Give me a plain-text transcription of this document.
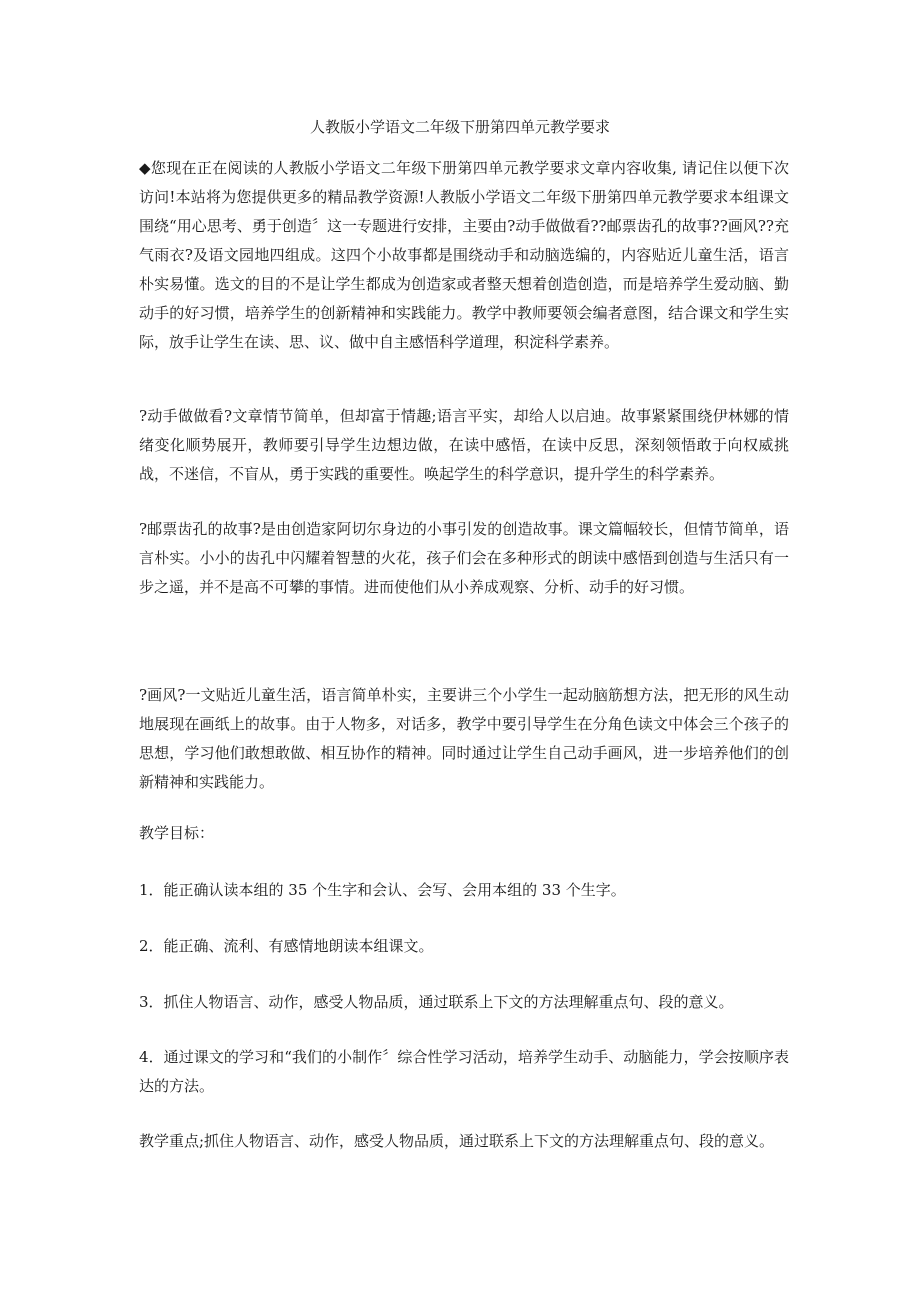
人教版小学语文二年级下册第四单元教学要求

◆您现在正在阅读的人教版小学语文二年级下册第四单元教学要求文章内容收集, 请记住以便下次访问!本站将为您提供更多的精品教学资源!人教版小学语文二年级下册第四单元教学要求本组课文围绕“用心思考、勇于创造〞这一专题进行安排，主要由?动手做做看??邮票齿孔的故事??画风??充气雨衣?及语文园地四组成。这四个小故事都是围绕动手和动脑选编的，内容贴近儿童生活，语言朴实易懂。选文的目的不是让学生都成为创造家或者整天想着创造创造，而是培养学生爱动脑、勤动手的好习惯，培养学生的创新精神和实践能力。教学中教师要领会编者意图，结合课文和学生实际，放手让学生在读、思、议、做中自主感悟科学道理，积淀科学素养。

?动手做做看?文章情节简单，但却富于情趣;语言平实，却给人以启迪。故事紧紧围绕伊林娜的情绪变化顺势展开，教师要引导学生边想边做，在读中感悟，在读中反思，深刻领悟敢于向权威挑战，不迷信，不盲从，勇于实践的重要性。唤起学生的科学意识，提升学生的科学素养。

?邮票齿孔的故事?是由创造家阿切尔身边的小事引发的创造故事。课文篇幅较长，但情节简单，语言朴实。小小的齿孔中闪耀着智慧的火花，孩子们会在多种形式的朗读中感悟到创造与生活只有一步之遥，并不是高不可攀的事情。进而使他们从小养成观察、分析、动手的好习惯。

?画风?一文贴近儿童生活，语言简单朴实，主要讲三个小学生一起动脑筋想方法，把无形的风生动地展现在画纸上的故事。由于人物多，对话多，教学中要引导学生在分角色读文中体会三个孩子的思想，学习他们敢想敢做、相互协作的精神。同时通过让学生自己动手画风，进一步培养他们的创新精神和实践能力。

教学目标：

1．能正确认读本组的 35 个生字和会认、会写、会用本组的 33 个生字。

2．能正确、流利、有感情地朗读本组课文。

3．抓住人物语言、动作，感受人物品质，通过联系上下文的方法理解重点句、段的意义。

4．通过课文的学习和“我们的小制作〞综合性学习活动，培养学生动手、动脑能力，学会按顺序表达的方法。

教学重点;抓住人物语言、动作，感受人物品质，通过联系上下文的方法理解重点句、段的意义。
